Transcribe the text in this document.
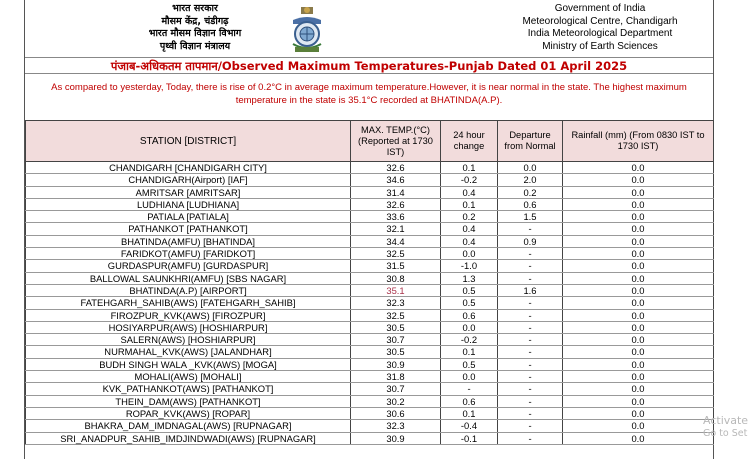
भारत सरकार
मौसम केंद्र, चंडीगढ़
भारत मौसम विज्ञान विभाग
पृथ्वी विज्ञान मंत्रालय
Government of India
Meteorological Centre, Chandigarh
India Meteorological Department
Ministry of Earth Sciences
पंजाब-अधिकतम तापमान/Observed Maximum Temperatures-Punjab Dated 01 April 2025
As compared to yesterday, Today, there is rise of 0.2°C in average maximum temperature.However, it is near normal in the state. The highest maximum temperature in the state is 35.1°C recorded at BHATINDA(A.P).
STATION [DISTRICT]	MAX. TEMP.(°C) (Reported at 1730 IST)	24 hour change	Departure from Normal	Rainfall (mm) (From 0830 IST to 1730 IST)
CHANDIGARH [CHANDIGARH CITY]	32.6	0.1	0.0	0.0
CHANDIGARH(Airport) [IAF]	34.6	-0.2	2.0	0.0
AMRITSAR [AMRITSAR]	31.4	0.4	0.2	0.0
LUDHIANA [LUDHIANA]	32.6	0.1	0.6	0.0
PATIALA [PATIALA]	33.6	0.2	1.5	0.0
PATHANKOT [PATHANKOT]	32.1	0.4	-	0.0
BHATINDA(AMFU) [BHATINDA]	34.4	0.4	0.9	0.0
FARIDKOT(AMFU) [FARIDKOT]	32.5	0.0	-	0.0
GURDASPUR(AMFU) [GURDASPUR]	31.5	-1.0	-	0.0
BALLOWAL SAUNKHRI(AMFU) [SBS NAGAR]	30.8	1.3	-	0.0
BHATINDA(A.P) [AIRPORT]	35.1	0.5	1.6	0.0
FATEHGARH_SAHIB(AWS) [FATEHGARH_SAHIB]	32.3	0.5	-	0.0
FIROZPUR_KVK(AWS) [FIROZPUR]	32.5	0.6	-	0.0
HOSIYARPUR(AWS) [HOSHIARPUR]	30.5	0.0	-	0.0
SALERN(AWS) [HOSHIARPUR]	30.7	-0.2	-	0.0
NURMAHAL_KVK(AWS) [JALANDHAR]	30.5	0.1	-	0.0
BUDH SINGH WALA _KVK(AWS) [MOGA]	30.9	0.5	-	0.0
MOHALI(AWS) [MOHALI]	31.8	0.0	-	0.0
KVK_PATHANKOT(AWS) [PATHANKOT]	30.7	-	-	0.0
THEIN_DAM(AWS) [PATHANKOT]	30.2	0.6	-	0.0
ROPAR_KVK(AWS) [ROPAR]	30.6	0.1	-	0.0
BHAKRA_DAM_IMDNAGAL(AWS) [RUPNAGAR]	32.3	-0.4	-	0.0
SRI_ANADPUR_SAHIB_IMDJINDWADI(AWS) [RUPNAGAR]	30.9	-0.1	-	0.0
Activate
Go to Set
